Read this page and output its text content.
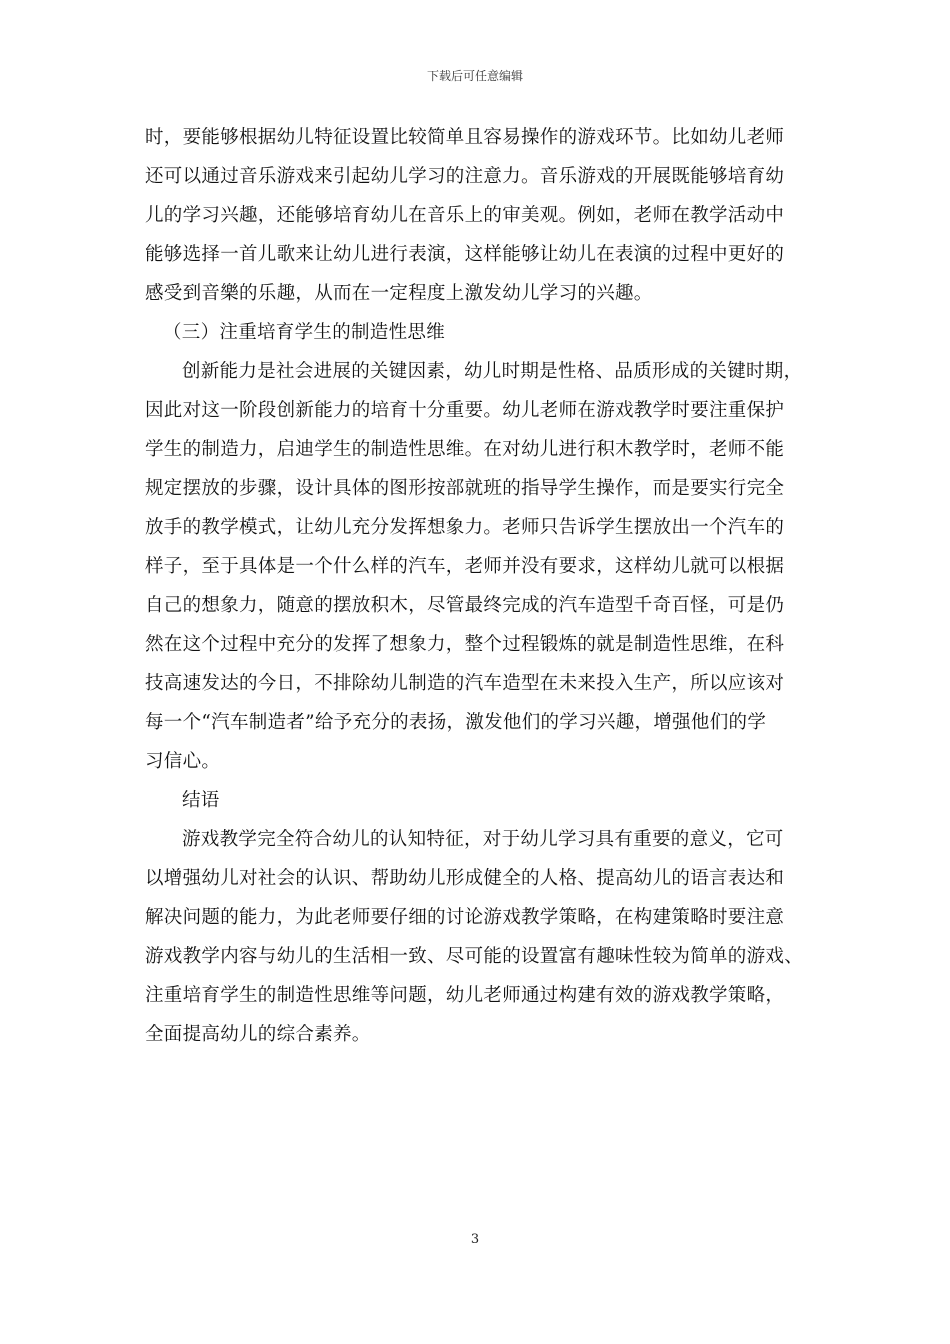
下载后可任意编辑
时，要能够根据幼儿特征设置比较简单且容易操作的游戏环节。比如幼儿老师
还可以通过音乐游戏来引起幼儿学习的注意力。音乐游戏的开展既能够培育幼
儿的学习兴趣，还能够培育幼儿在音乐上的审美观。例如，老师在教学活动中
能够选择一首儿歌来让幼儿进行表演，这样能够让幼儿在表演的过程中更好的
感受到音樂的乐趣，从而在一定程度上激发幼儿学习的兴趣。
（三）注重培育学生的制造性思维
创新能力是社会进展的关键因素，幼儿时期是性格、品质形成的关键时期，
因此对这一阶段创新能力的培育十分重要。幼儿老师在游戏教学时要注重保护
学生的制造力，启迪学生的制造性思维。在对幼儿进行积木教学时，老师不能
规定摆放的步骤，设计具体的图形按部就班的指导学生操作，而是要实行完全
放手的教学模式，让幼儿充分发挥想象力。老师只告诉学生摆放出一个汽车的
样子，至于具体是一个什么样的汽车，老师并没有要求，这样幼儿就可以根据
自己的想象力，随意的摆放积木，尽管最终完成的汽车造型千奇百怪，可是仍
然在这个过程中充分的发挥了想象力，整个过程锻炼的就是制造性思维，在科
技高速发达的今日，不排除幼儿制造的汽车造型在未来投入生产，所以应该对
每一个“汽车制造者”给予充分的表扬，激发他们的学习兴趣，增强他们的学
习信心。
结语
游戏教学完全符合幼儿的认知特征，对于幼儿学习具有重要的意义，它可
以增强幼儿对社会的认识、帮助幼儿形成健全的人格、提高幼儿的语言表达和
解决问题的能力，为此老师要仔细的讨论游戏教学策略，在构建策略时要注意
游戏教学内容与幼儿的生活相一致、尽可能的设置富有趣味性较为简单的游戏、
注重培育学生的制造性思维等问题，幼儿老师通过构建有效的游戏教学策略，
全面提高幼儿的综合素养。
3
